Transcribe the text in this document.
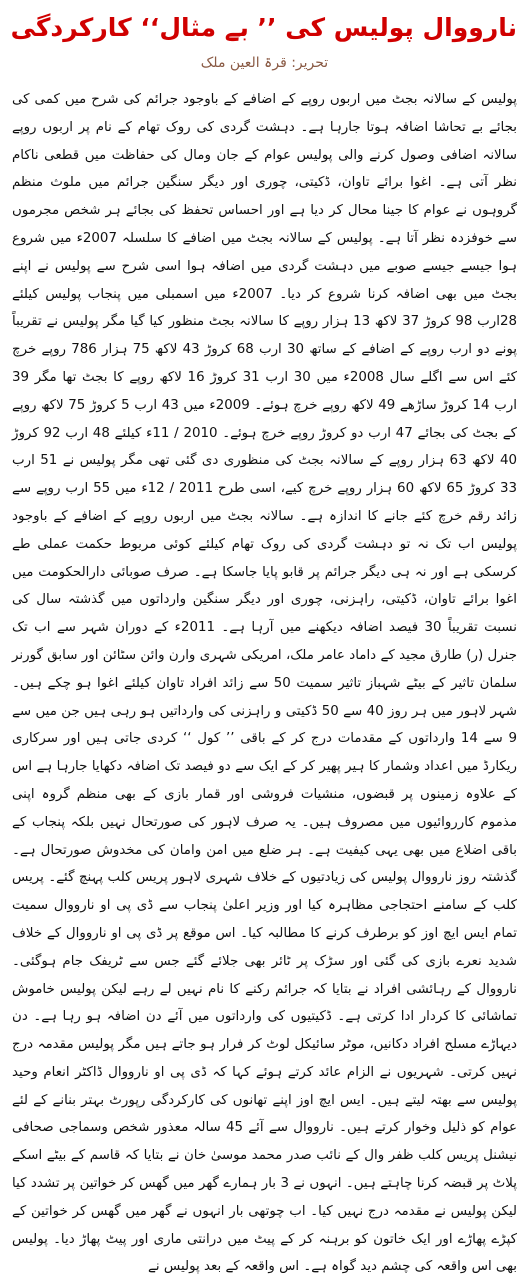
نارووال پولیس کی ’’ بے مثال‘‘ کارکردگی
تحریر: قرۃ العین ملک

پولیس کے سالانہ بجٹ میں اربوں روپے کے اضافے کے باوجود جرائم کی شرح میں کمی کی بجائے بے تحاشا اضافہ ہوتا جارہا ہے۔ دہشت گردی کی روک تھام کے نام پر اربوں روپے سالانہ اضافی وصول کرنے والی پولیس عوام کے جان ومال کی حفاظت میں قطعی ناکام نظر آتی ہے۔ اغوا برائے تاوان، ڈکیتی، چوری اور دیگر سنگین جرائم میں ملوث منظم گروہوں نے عوام کا جینا محال کر دیا ہے اور احساس تحفظ کی بجائے ہر شخص مجرموں سے خوفزدہ نظر آتا ہے۔ پولیس کے سالانہ بجٹ میں اضافے کا سلسلہ 2007ء میں شروع ہوا جیسے جیسے صوبے میں دہشت گردی میں اضافہ ہوا اسی شرح سے پولیس نے اپنے بجٹ میں بھی اضافہ کرنا شروع کر دیا۔ 2007ء میں اسمبلی میں پنجاب پولیس کیلئے 28ارب 98 کروڑ 37 لاکھ 13 ہزار روپے کا سالانہ بجٹ منظور کیا گیا مگر پولیس نے تقریباً پونے دو ارب روپے کے اضافے کے ساتھ 30 ارب 68 کروڑ 43 لاکھ 75 ہزار 786 روپے خرچ کئے اس سے اگلے سال 2008ء میں 30 ارب 31 کروڑ 16 لاکھ روپے کا بجٹ تھا مگر 39 ارب 14 کروڑ ساڑھے 49 لاکھ روپے خرچ ہوئے۔ 2009ء میں 43 ارب 5 کروڑ 75 لاکھ روپے کے بجٹ کی بجائے 47 ارب دو کروڑ روپے خرچ ہوئے۔ 2010 / 11ء کیلئے 48 ارب 92 کروڑ 40 لاکھ 63 ہزار روپے کے سالانہ بجٹ کی منظوری دی گئی تھی مگر پولیس نے 51 ارب 33 کروڑ 65 لاکھ 60 ہزار روپے خرچ کیے، اسی طرح 2011 / 12ء میں 55 ارب روپے سے زائد رقم خرچ کئے جانے کا اندازہ ہے۔ سالانہ بجٹ میں اربوں روپے کے اضافے کے باوجود پولیس اب تک نہ تو دہشت گردی کی روک تھام کیلئے کوئی مربوط حکمت عملی طے کرسکی ہے اور نہ ہی دیگر جرائم پر قابو پایا جاسکا ہے۔ صرف صوبائی دارالحکومت میں اغوا برائے تاوان، ڈکیتی، راہزنی، چوری اور دیگر سنگین وارداتوں میں گذشتہ سال کی نسبت تقریباً 30 فیصد اضافہ دیکھنے میں آرہا ہے۔ 2011ء کے دوران شہر سے اب تک جنرل (ر) طارق مجید کے داماد عامر ملک، امریکی شہری وارن وائن سٹائن اور سابق گورنر سلمان تاثیر کے بیٹے شہباز تاثیر سمیت 50 سے زائد افراد تاوان کیلئے اغوا ہو چکے ہیں۔ شہر لاہور میں ہر روز 40 سے 50 ڈکیتی و راہزنی کی وارداتیں ہو رہی ہیں جن میں سے 9 سے 14 وارداتوں کے مقدمات درج کر کے باقی ’’ کول ‘‘ کردی جاتی ہیں اور سرکاری ریکارڈ میں اعداد وشمار کا ہیر پھیر کر کے ایک سے دو فیصد تک اضافہ دکھایا جارہا ہے اس کے علاوہ زمینوں پر قبضوں، منشیات فروشی اور قمار بازی کے بھی منظم گروہ اپنی مذموم کارروائیوں میں مصروف ہیں۔ یہ صرف لاہور کی صورتحال نہیں بلکہ پنجاب کے باقی اضلاع میں بھی یہی کیفیت ہے۔ ہر ضلع میں امن وامان کی مخدوش صورتحال ہے۔ گذشتہ روز نارووال پولیس کی زیادتیوں کے خلاف شہری لاہور پریس کلب پہنچ گئے۔ پریس کلب کے سامنے احتجاجی مظاہرہ کیا اور وزیر اعلیٰ پنجاب سے ڈی پی او نارووال سمیت تمام ایس ایچ اوز کو برطرف کرنے کا مطالبہ کیا۔ اس موقع پر ڈی پی او نارووال کے خلاف شدید نعرے بازی کی گئی اور سڑک پر ٹائر بھی جلائے گئے جس سے ٹریفک جام ہوگئی۔ نارووال کے رہائشی افراد نے بتایا کہ جرائم رکنے کا نام نہیں لے رہے لیکن پولیس خاموش تماشائی کا کردار ادا کرتی ہے۔ ڈکیتیوں کی وارداتوں میں آئے دن اضافہ ہو رہا ہے۔ دن دیہاڑے مسلح افراد دکانیں، موٹر سائیکل لوٹ کر فرار ہو جاتے ہیں مگر پولیس مقدمہ درج نہیں کرتی۔ شہریوں نے الزام عائد کرتے ہوئے کہا کہ ڈی پی او نارووال ڈاکٹر انعام وحید پولیس سے بھتہ لیتے ہیں۔ ایس ایچ اوز اپنے تھانوں کی کارکردگی رپورٹ بہتر بنانے کے لئے عوام کو ذلیل وخوار کرتے ہیں۔ نارووال سے آئے 45 سالہ معذور شخص وسماجی صحافی نیشنل پریس کلب ظفر وال کے نائب صدر محمد موسیٰ خان نے بتایا کہ قاسم کے بیٹے اسکے پلاٹ پر قبضہ کرنا چاہتے ہیں۔ انہوں نے 3 بار ہمارے گھر میں گھس کر خواتین پر تشدد کیا لیکن پولیس نے مقدمہ درج نہیں کیا۔ اب چوتھی بار انہوں نے گھر میں گھس کر خواتین کے کپڑے پھاڑے اور ایک خاتون کو برہنہ کر کے پیٹ میں درانتی ماری اور پیٹ پھاڑ دیا۔ پولیس بھی اس واقعہ کی چشم دید گواہ ہے۔ اس واقعہ کے بعد پولیس نے
